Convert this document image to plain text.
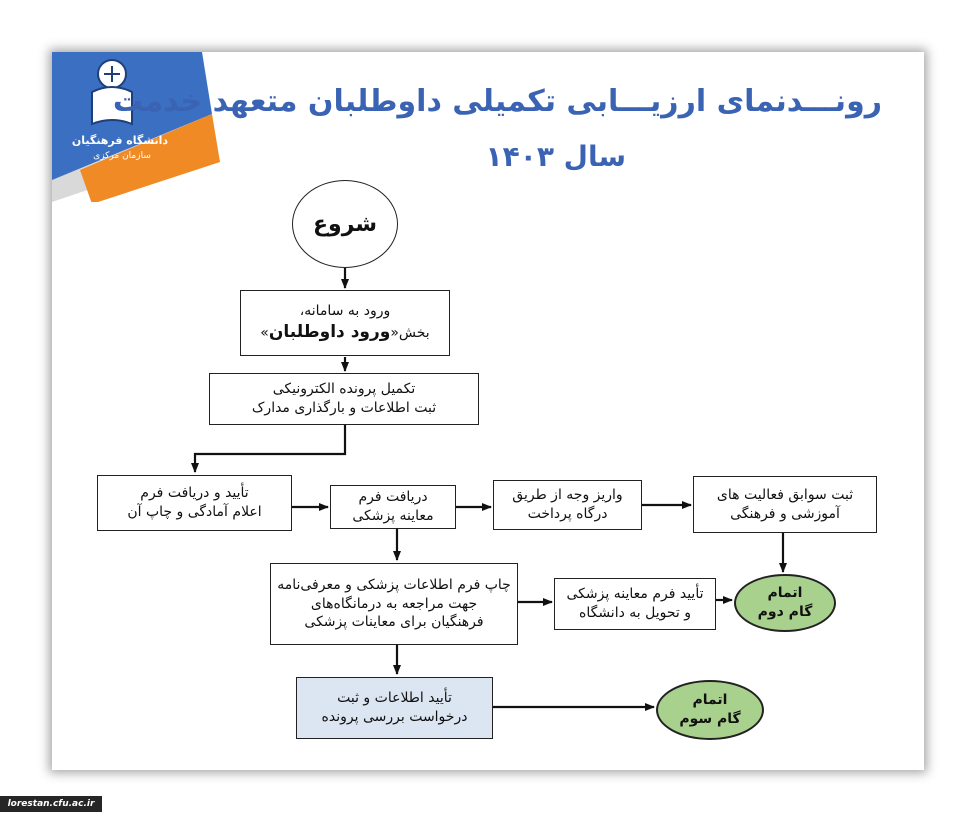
دانشگاه فرهنگیان
سازمان مرکزی
رونـــدنمای ارزیـــابی تکمیلی داوطلبان متعهد خدمت
سال ۱۴۰۳
شروع
ورود به سامانه،
بخش«ورود داوطلبان»
تکمیل پرونده الکترونیکی
ثبت اطلاعات و بارگذاری مدارک
تأیید و دریافت فرم
اعلام آمادگی و چاپ آن
دریافت فرم
معاینه پزشکی
واریز وجه از طریق
درگاه پرداخت
ثبت سوابق فعالیت های
آموزشی و فرهنگی
چاپ فرم اطلاعات پزشکی و معرفی‌نامه
جهت مراجعه به درمانگاه‌های
فرهنگیان برای معاینات پزشکی
تأیید فرم معاینه پزشکی
و تحویل به دانشگاه
اتمام
گام دوم
تأیید اطلاعات و ثبت
درخواست بررسی پرونده
اتمام
گام سوم
lorestan.cfu.ac.ir
